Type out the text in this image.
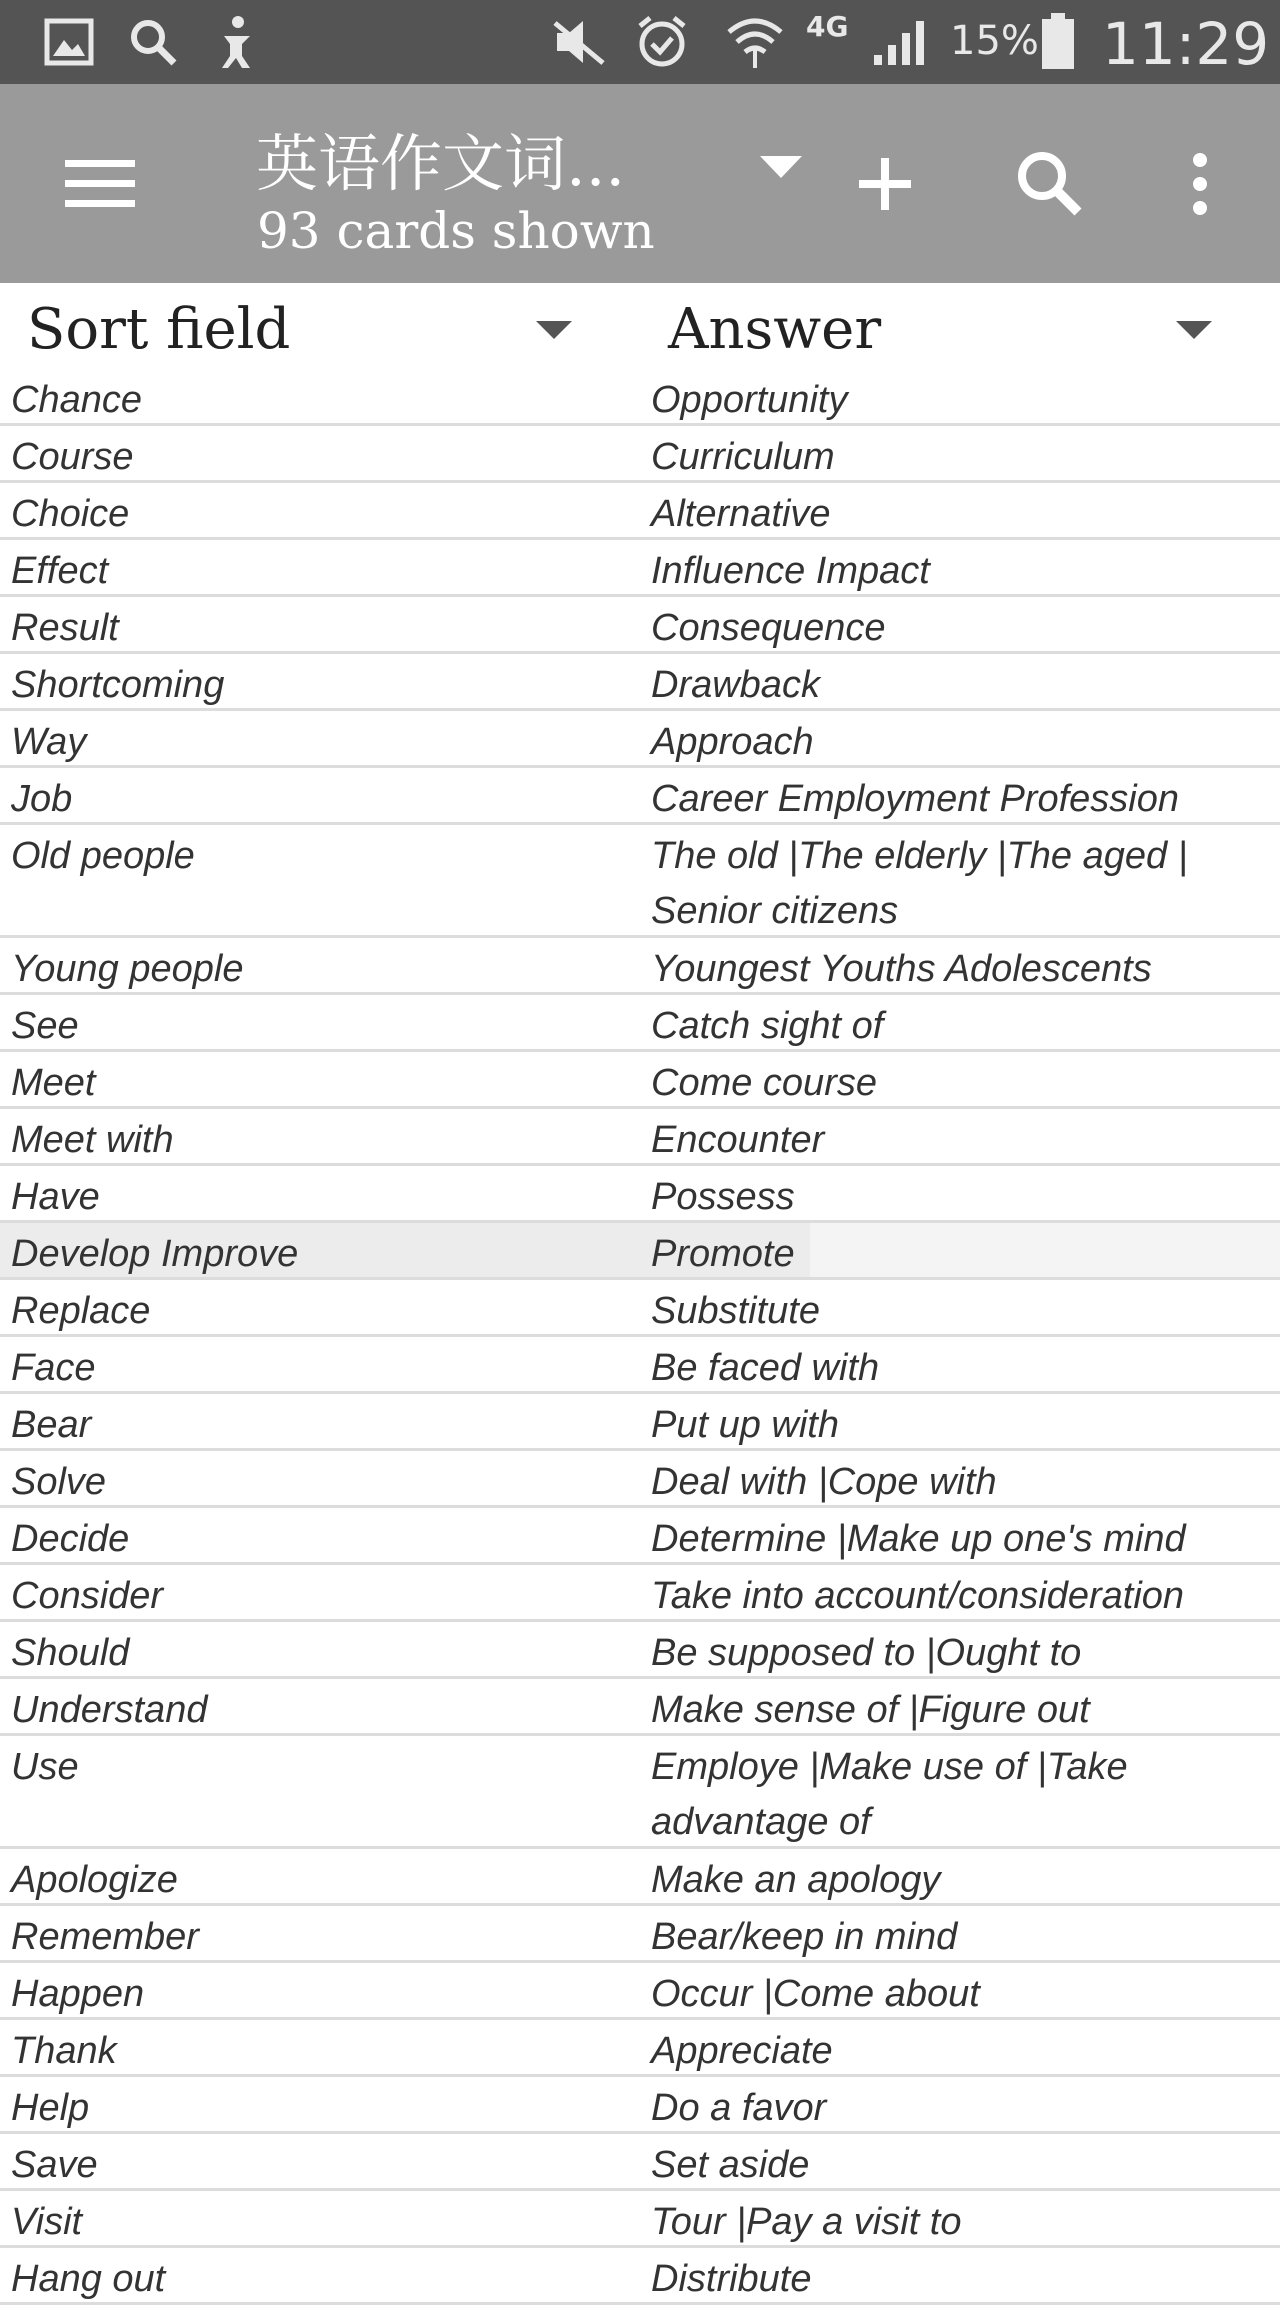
4G	15% 11:29
英语作文词...
93 cards shown
Sort field	Answer
Chance	Opportunity
Course	Curriculum
Choice	Alternative
Effect	Influence Impact
Result	Consequence
Shortcoming	Drawback
Way	Approach
Job	Career Employment Profession
Old people	The old |The elderly |The aged | Senior citizens
Young people	Youngest Youths Adolescents
See	Catch sight of
Meet	Come course
Meet with	Encounter
Have	Possess
Develop Improve	Promote
Replace	Substitute
Face	Be faced with
Bear	Put up with
Solve	Deal with |Cope with
Decide	Determine |Make up one's mind
Consider	Take into account/consideration
Should	Be supposed to |Ought to
Understand	Make sense of |Figure out
Use	Employe |Make use of |Take advantage of
Apologize	Make an apology
Remember	Bear/keep in mind
Happen	Occur |Come about
Thank	Appreciate
Help	Do a favor
Save	Set aside
Visit	Tour |Pay a visit to
Hang out	Distribute
